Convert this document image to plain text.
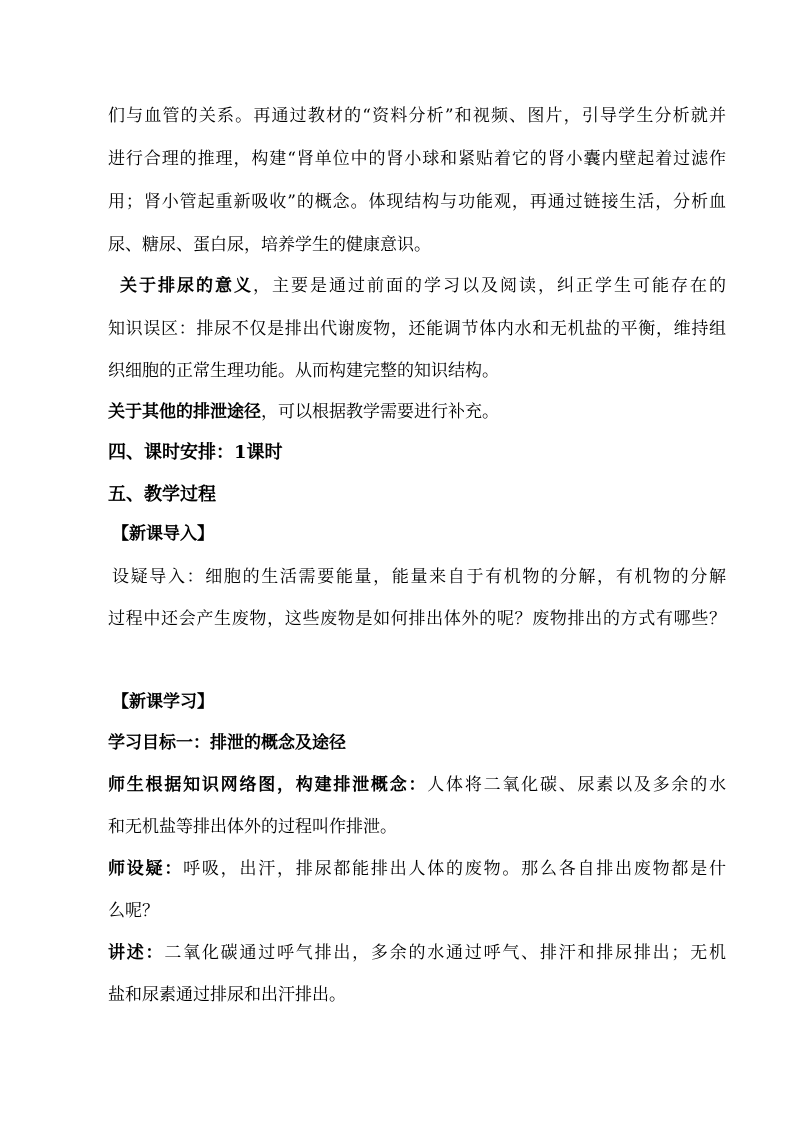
们与血管的关系。再通过教材的“资料分析”和视频、图片，引导学生分析就并
进行合理的推理，构建“肾单位中的肾小球和紧贴着它的肾小囊内壁起着过滤作
用；肾小管起重新吸收”的概念。体现结构与功能观，再通过链接生活，分析血
尿、糖尿、蛋白尿，培养学生的健康意识。
关于排尿的意义，主要是通过前面的学习以及阅读，纠正学生可能存在的
知识误区：排尿不仅是排出代谢废物，还能调节体内水和无机盐的平衡，维持组
织细胞的正常生理功能。从而构建完整的知识结构。
关于其他的排泄途径，可以根据教学需要进行补充。
四、课时安排：1课时
五、教学过程
【新课导入】
设疑导入：细胞的生活需要能量，能量来自于有机物的分解，有机物的分解
过程中还会产生废物，这些废物是如何排出体外的呢？废物排出的方式有哪些？
【新课学习】
学习目标一：排泄的概念及途径
师生根据知识网络图，构建排泄概念：人体将二氧化碳、尿素以及多余的水
和无机盐等排出体外的过程叫作排泄。
师设疑：呼吸，出汗，排尿都能排出人体的废物。那么各自排出废物都是什
么呢？
讲述：二氧化碳通过呼气排出，多余的水通过呼气、排汗和排尿排出；无机
盐和尿素通过排尿和出汗排出。
